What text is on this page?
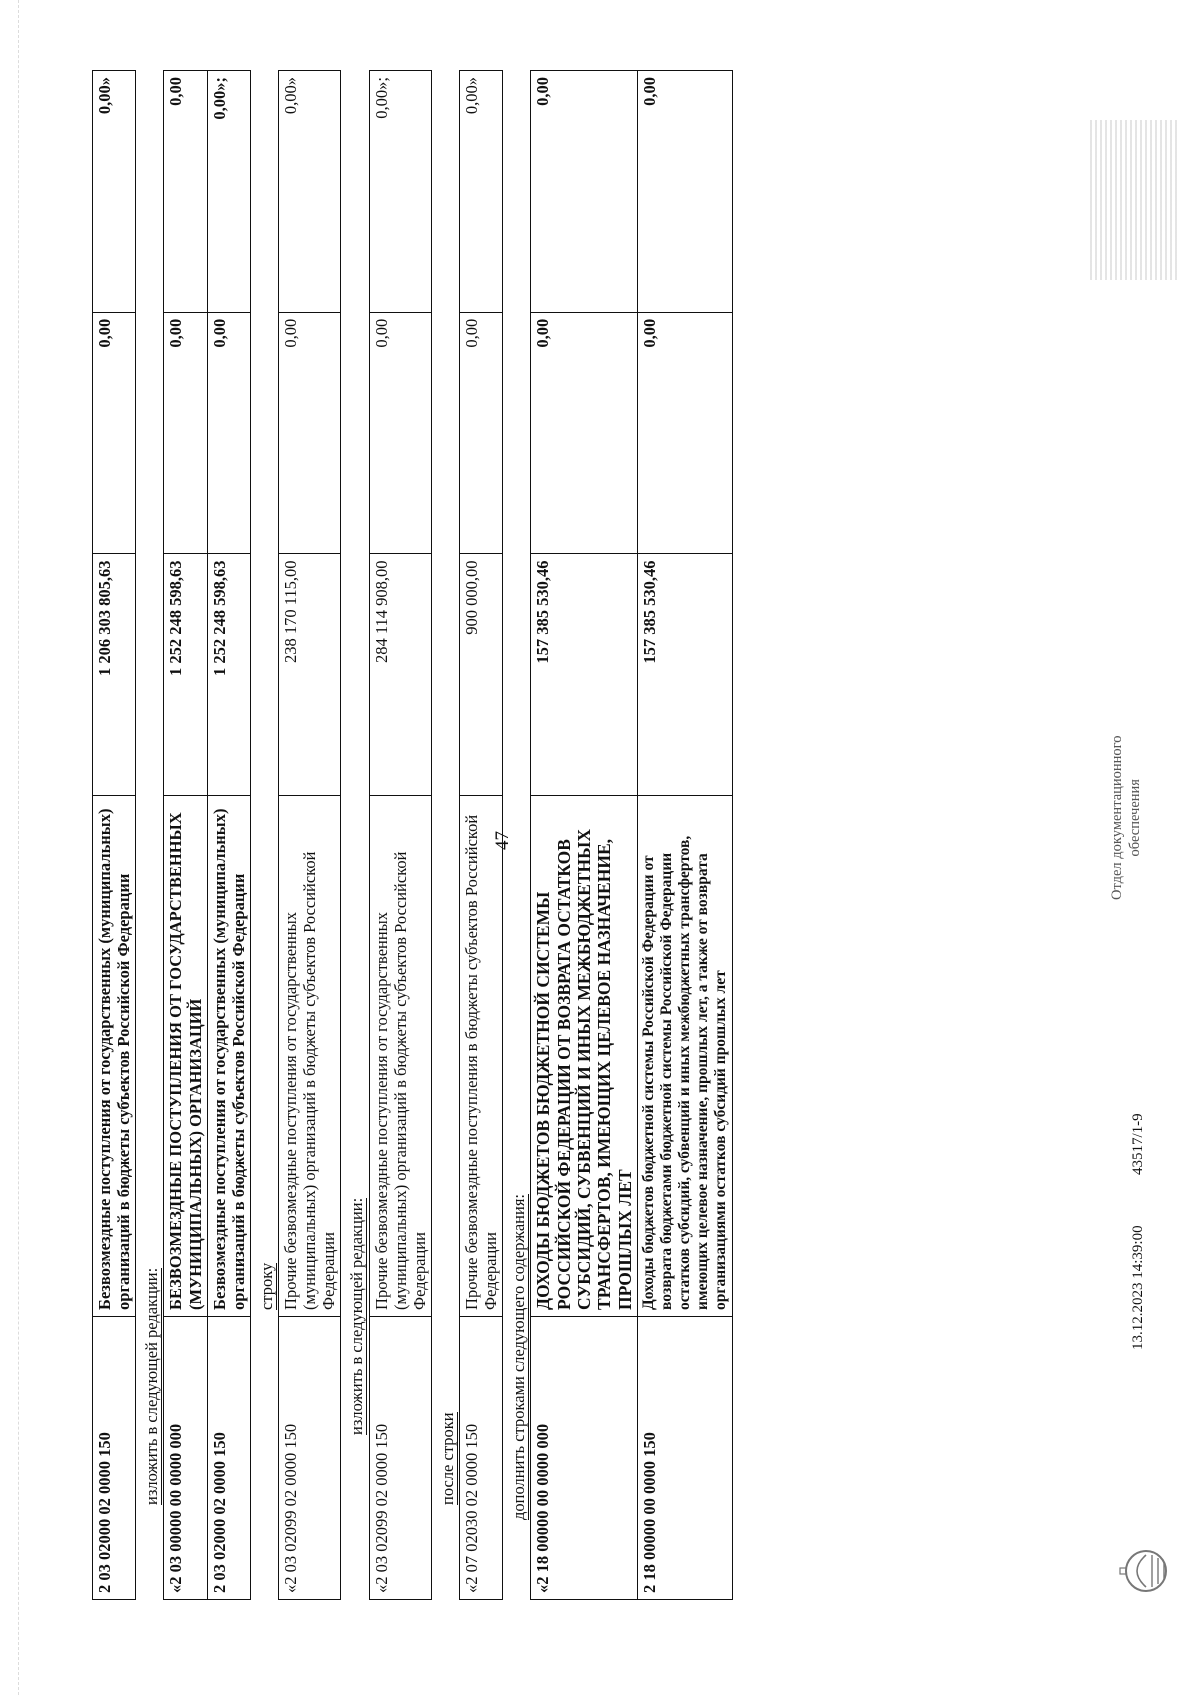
47
2 03 02000 02 0000 150	Безвозмездные поступления от государственных (муниципальных) организаций в бюджеты субъектов Российской Федерации	1 206 303 805,63	0,00	0,00»
изложить в следующей редакции:
«2 03 00000 00 0000 000	БЕЗВОЗМЕЗДНЫЕ ПОСТУПЛЕНИЯ ОТ ГОСУДАРСТВЕННЫХ (МУНИЦИПАЛЬНЫХ) ОРГАНИЗАЦИЙ	1 252 248 598,63	0,00	0,00
2 03 02000 02 0000 150	Безвозмездные поступления от государственных (муниципальных) организаций в бюджеты субъектов Российской Федерации	1 252 248 598,63	0,00	0,00»;
строку
«2 03 02099 02 0000 150	Прочие безвозмездные поступления от государственных (муниципальных) организаций в бюджеты субъектов Российской Федерации	238 170 115,00	0,00	0,00»
изложить в следующей редакции:
«2 03 02099 02 0000 150	Прочие безвозмездные поступления от государственных (муниципальных) организаций в бюджеты субъектов Российской Федерации	284 114 908,00	0,00	0,00»;
после строки «2 07 02030 02 0000 150	Прочие безвозмездные поступления в бюджеты субъектов Российской Федерации	900 000,00	0,00	0,00»
дополнить строками следующего содержания: «2 18 00000 00 0000 000	ДОХОДЫ БЮДЖЕТОВ БЮДЖЕТНОЙ СИСТЕМЫ РОССИЙСКОЙ ФЕДЕРАЦИИ ОТ ВОЗВРАТА ОСТАТКОВ СУБСИДИЙ, СУБВЕНЦИЙ И ИНЫХ МЕЖБЮДЖЕТНЫХ ТРАНСФЕРТОВ, ИМЕЮЩИХ ЦЕЛЕВОЕ НАЗНАЧЕНИЕ, ПРОШЛЫХ ЛЕТ	157 385 530,46	0,00	0,00
2 18 00000 00 0000 150	Доходы бюджетов бюджетной системы Российской Федерации от возврата бюджетами бюджетной системы Российской Федерации остатков субсидий, субвенций и иных межбюджетных трансфертов, имеющих целевое назначение, прошлых лет, а также от возврата организациями остатков субсидий прошлых лет	157 385 530,46	0,00	0,00
13.12.2023 14:39:00
43517/1-9
Отдел документационного обеспечения
